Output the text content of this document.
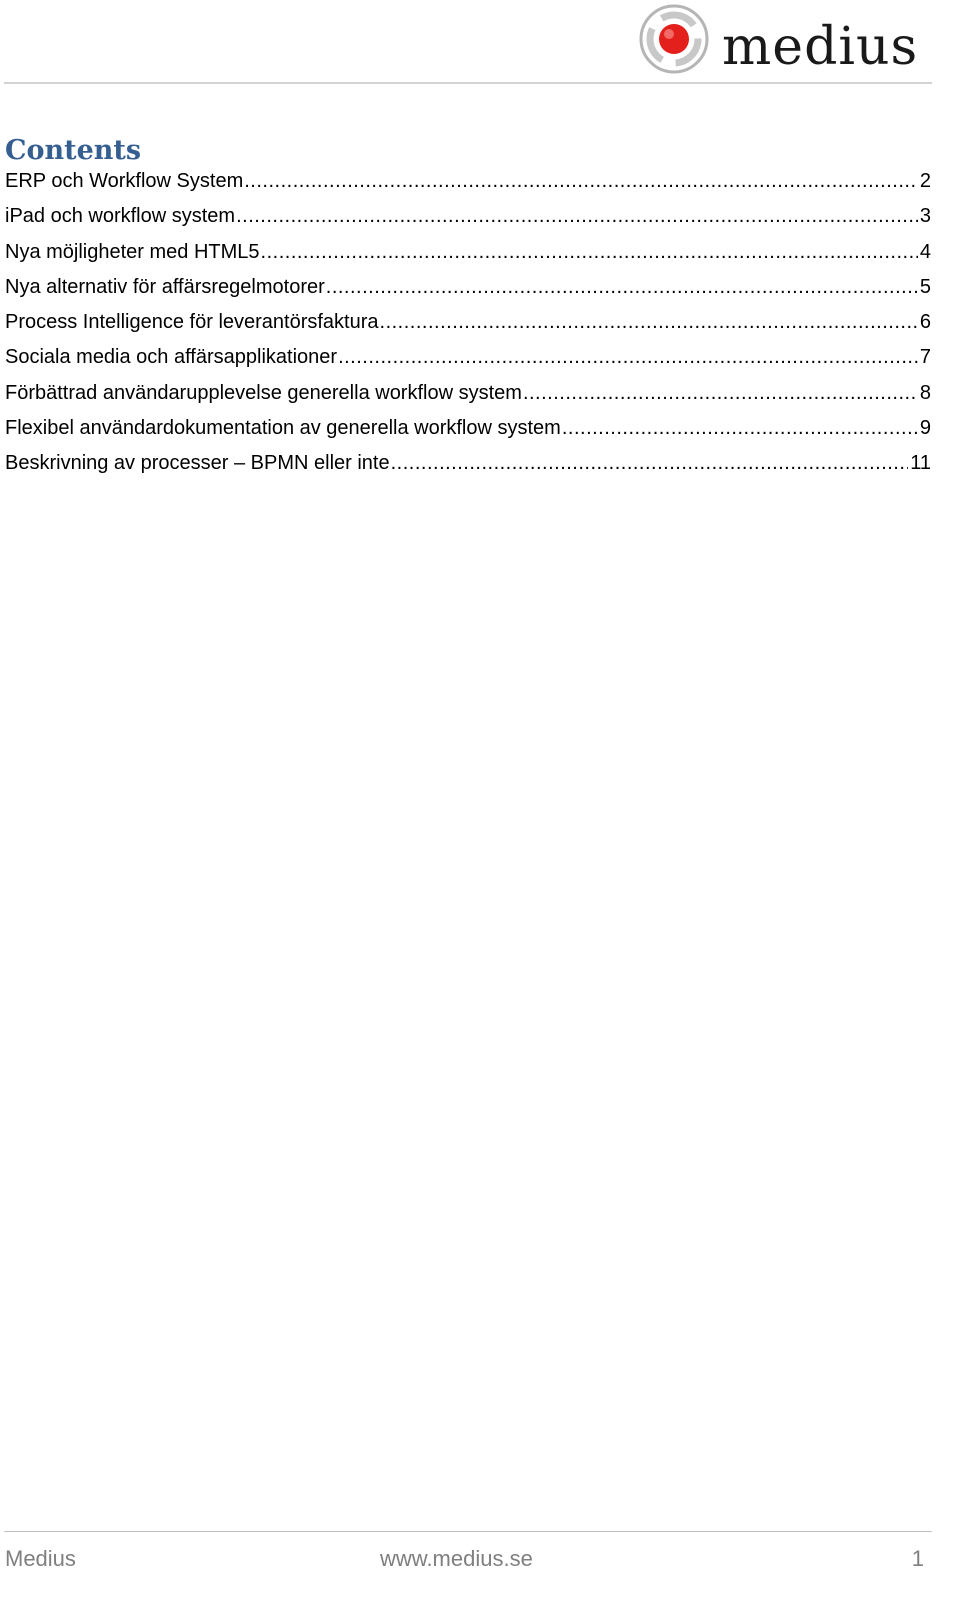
medius
Contents
ERP och Workflow System .....	2
iPad och workflow system .....	3
Nya möjligheter med HTML5 .....	4
Nya alternativ för affärsregelmotorer .....	5
Process Intelligence för leverantörsfaktura .....	6
Sociala media och affärsapplikationer .....	7
Förbättrad användarupplevelse generella workflow system .....	8
Flexibel användardokumentation av generella workflow system .....	9
Beskrivning av processer – BPMN eller inte .....	11
Medius	www.medius.se	1
